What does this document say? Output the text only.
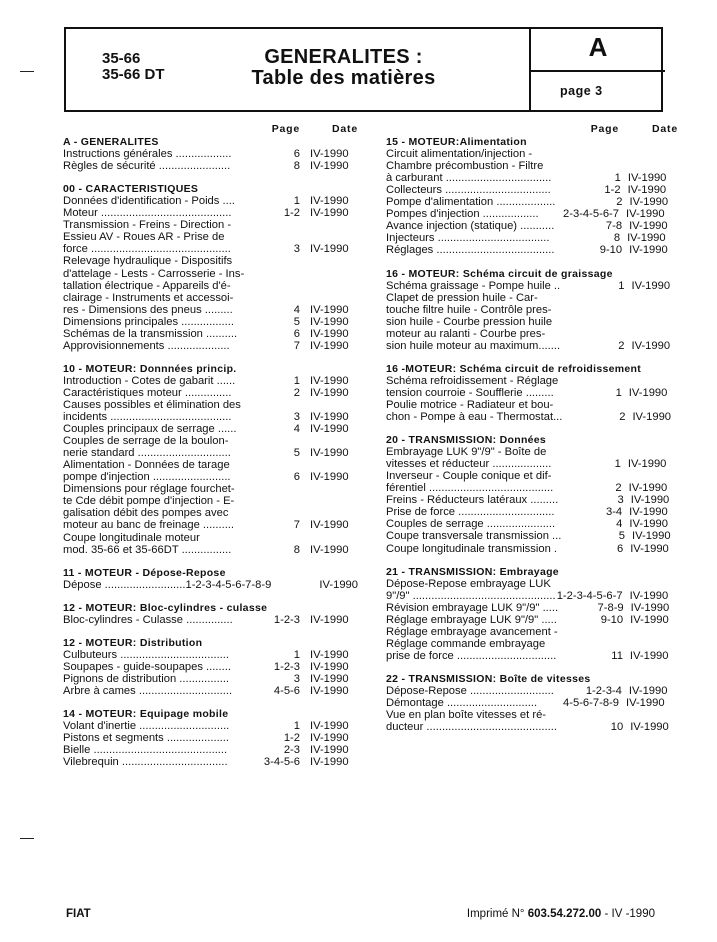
35-66
35-66 DT
GENERALITES :
Table des matières
A
page 3
Page	Date
A - GENERALITES
Instructions générales ..................	6 IV-1990
Règles de sécurité .......................	8 IV-1990
00 - CARACTERISTIQUES
Données d'identification - Poids ....	1 IV-1990
Moteur ..........................................	1-2 IV-1990
Transmission - Freins - Direction -
Essieu AV - Roues AR - Prise de
force .............................................	3 IV-1990
Relevage hydraulique - Dispositifs
d'attelage - Lests - Carrosserie - Ins-
tallation électrique - Appareils d'é-
clairage - Instruments et accessoi-
res - Dimensions des pneus .........	4 IV-1990
Dimensions principales .................	5 IV-1990
Schémas de la transmission ..........	6 IV-1990
Approvisionnements ....................	7 IV-1990
10 - MOTEUR: Donnnées princip.
Introduction - Cotes de gabarit ......	1 IV-1990
Caractéristiques moteur ...............	2 IV-1990
Causes possibles et élimination des
incidents .......................................	3 IV-1990
Couples principaux de serrage ......	4 IV-1990
Couples de serrage de la boulon-
nerie standard ..............................	5 IV-1990
Alimentation - Données de tarage
pompe d'injection .........................	6 IV-1990
Dimensions pour réglage fourchet-
te Cde débit pompe d'injection - E-
galisation débit des pompes avec
moteur au banc de freinage ..........	7 IV-1990
Coupe longitudinale moteur
mod. 35-66 et 35-66DT ................	8 IV-1990
11 - MOTEUR - Dépose-Repose
Dépose ..........................1-2-3-4-5-6-7-8-9	IV-1990
12 - MOTEUR: Bloc-cylindres - culasse
Bloc-cylindres - Culasse ...............	1-2-3 IV-1990
12 - MOTEUR: Distribution
Culbuteurs ...................................	1 IV-1990
Soupapes - guide-soupapes ........	1-2-3 IV-1990
Pignons de distribution ................	3 IV-1990
Arbre à cames ..............................	4-5-6 IV-1990
14 - MOTEUR: Equipage mobile
Volant d'inertie .............................	1 IV-1990
Pistons et segments ....................	1-2 IV-1990
Bielle ...........................................	2-3 IV-1990
Vilebrequin ..................................	3-4-5-6 IV-1990
Page	Date
15 - MOTEUR:Alimentation
Circuit alimentation/injection -
Chambre précombustion - Filtre
à carburant ..................................	1 IV-1990
Collecteurs ..................................	1-2 IV-1990
Pompe d'alimentation ...................	2 IV-1990
Pompes d'injection ..................	2-3-4-5-6-7 IV-1990
Avance injection (statique) ...........	7-8 IV-1990
Injecteurs ....................................	8 IV-1990
Réglages ......................................	9-10 IV-1990
16 - MOTEUR: Schéma circuit de graissage
Schéma graissage - Pompe huile ..	1 IV-1990
Clapet de pression huile - Car-
touche filtre huile - Contrôle pres-
sion huile - Courbe pression huile
moteur au ralanti - Courbe pres-
sion huile moteur au maximum.......	2 IV-1990
16 -MOTEUR: Schéma circuit de refroidissement
Schéma refroidissement - Réglage
tension courroie - Soufflerie .........	1 IV-1990
Poulie motrice - Radiateur et bou-
chon - Pompe à eau - Thermostat...	2 IV-1990
20 - TRANSMISSION: Données
Embrayage LUK 9"/9" - Boîte de
vitesses et réducteur ...................	1 IV-1990
Inverseur - Couple conique et dif-
férentiel ........................................	2 IV-1990
Freins - Réducteurs latéraux .........	3 IV-1990
Prise de force ...............................	3-4 IV-1990
Couples de serrage ......................	4 IV-1990
Coupe transversale transmission ...	5 IV-1990
Coupe longitudinale transmission .	6 IV-1990
21 - TRANSMISSION: Embrayage
Dépose-Repose embrayage LUK
9"/9" .............................................. 1-2-3-4-5-6-7 IV-1990
Révision embrayage LUK 9"/9" .....	7-8-9 IV-1990
Réglage embrayage LUK 9"/9" .....	9-10 IV-1990
Réglage embrayage avancement -
Réglage commande embrayage
prise de force ................................	11 IV-1990
22 - TRANSMISSION: Boîte de vitesses
Dépose-Repose ...........................	1-2-3-4 IV-1990
Démontage .............................	4-5-6-7-8-9 IV-1990
Vue en plan boîte vitesses et ré-
ducteur ..........................................	10 IV-1990
FIAT	Imprimé N° 603.54.272.00 - IV -1990
